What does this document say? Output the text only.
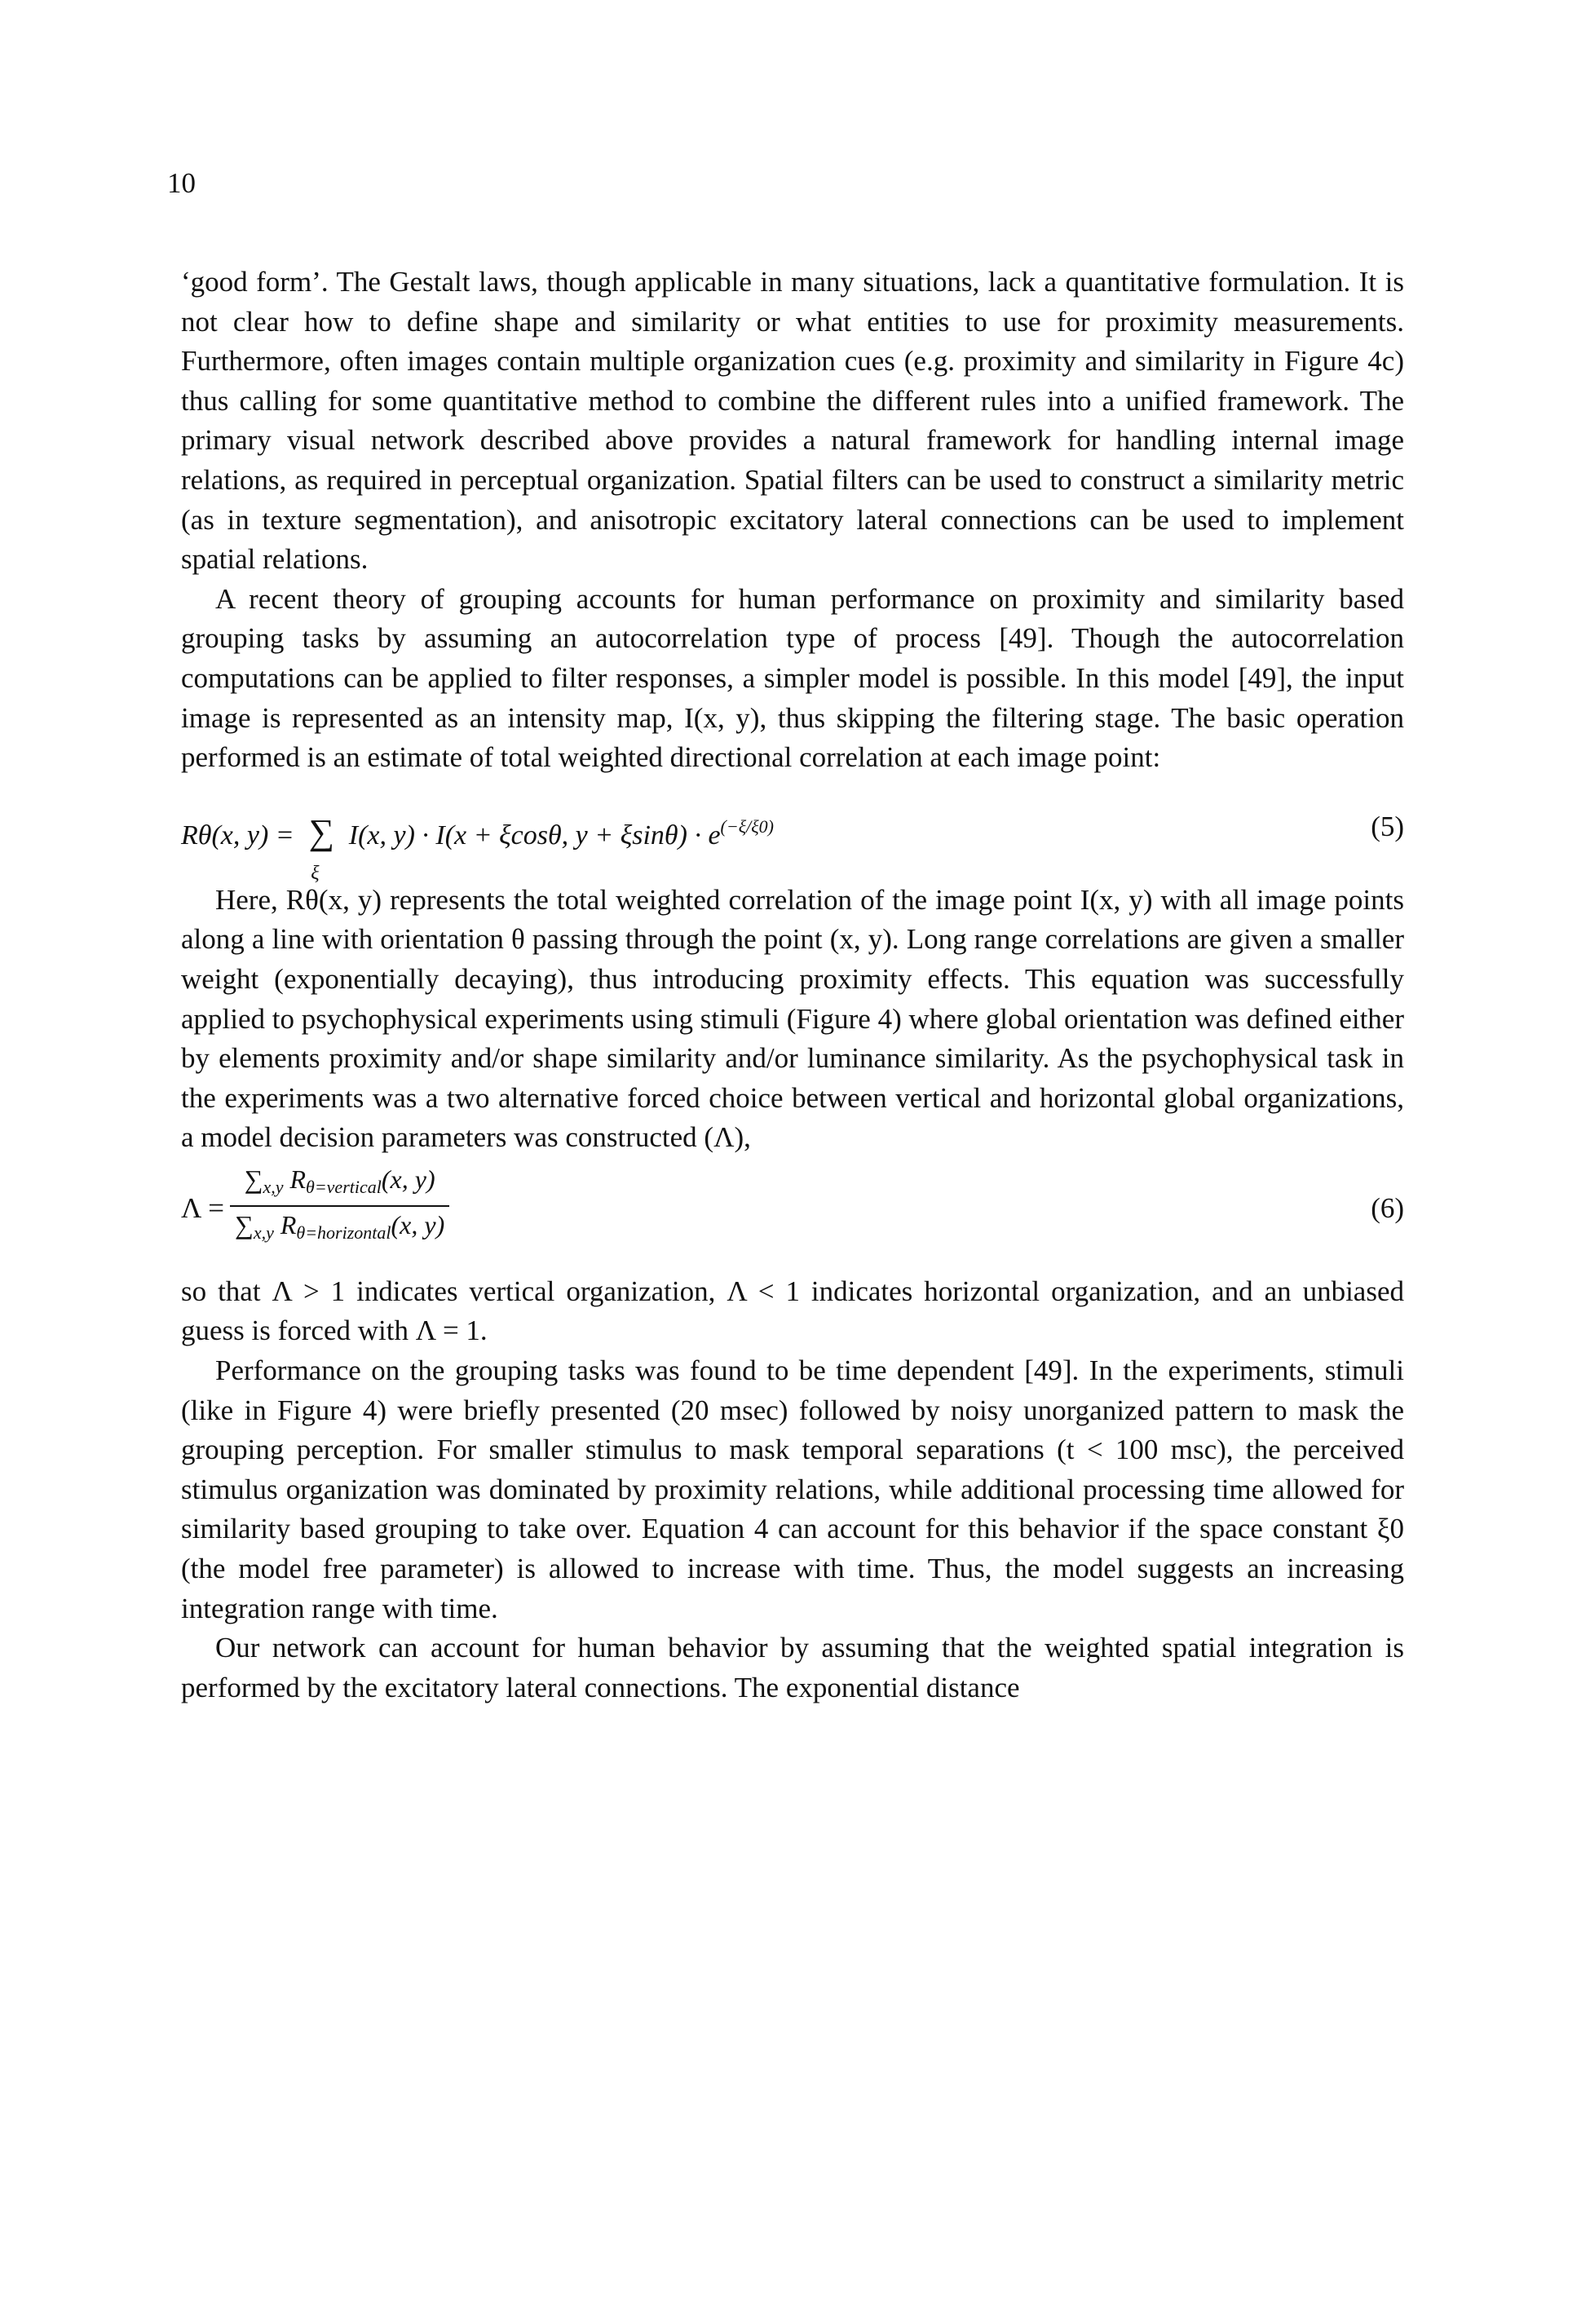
10

‘good form’. The Gestalt laws, though applicable in many situations, lack a quantitative formulation. It is not clear how to define shape and similarity or what entities to use for proximity measurements. Furthermore, often images contain multiple organization cues (e.g. proximity and similarity in Figure 4c) thus calling for some quantitative method to combine the different rules into a unified framework. The primary visual network described above provides a natural framework for handling internal image relations, as required in perceptual organization. Spatial filters can be used to construct a similarity metric (as in texture segmentation), and anisotropic excitatory lateral connections can be used to implement spatial relations.

A recent theory of grouping accounts for human performance on proximity and similarity based grouping tasks by assuming an autocorrelation type of process [49]. Though the autocorrelation computations can be applied to filter responses, a simpler model is possible. In this model [49], the input image is represented as an intensity map, I(x, y), thus skipping the filtering stage. The basic operation performed is an estimate of total weighted directional correlation at each image point:

Rθ(x, y) = ∑
ξ
I(x, y) · I(x + ξcosθ, $y + \xi\sin\theta) \cdot e^{(-\xi/\xi 0)}$	(5)

Here, Rθ(x, y) represents the total weighted correlation of the image point I(x, y) with all image points along a line with orientation θ passing through the point (x, y). Long range correlations are given a smaller weight (exponentially decaying), thus introducing proximity effects. This equation was successfully applied to psychophysical experiments using stimuli (Figure 4) where global orientation was defined either by elements proximity and/or shape similarity and/or luminance similarity. As the psychophysical task in the experiments was a two alternative forced choice between vertical and horizontal global organizations, a model decision parameters was constructed (Λ),

Λ =
$\sum_{x,y}$ $R_{\theta=vertical}(x$, y)
$\sum_{x,y}$ $R_{\theta=horizontal}(x$, y)
(6)

so that Λ > 1 indicates vertical organization, Λ < 1 indicates horizontal organization, and an unbiased guess is forced with Λ = 1.

Performance on the grouping tasks was found to be time dependent [49]. In the experiments, stimuli (like in Figure 4) were briefly presented (20 msec) followed by noisy unorganized pattern to mask the grouping perception. For smaller stimulus to mask temporal separations (t < 100 msc), the perceived stimulus organization was dominated by proximity relations, while additional processing time allowed for similarity based grouping to take over. Equation 4 can account for this behavior if the space constant ξ0 (the model free parameter) is allowed to increase with time. Thus, the model suggests an increasing integration range with time.

Our network can account for human behavior by assuming that the weighted spatial integration is performed by the excitatory lateral connections. The exponential distance
